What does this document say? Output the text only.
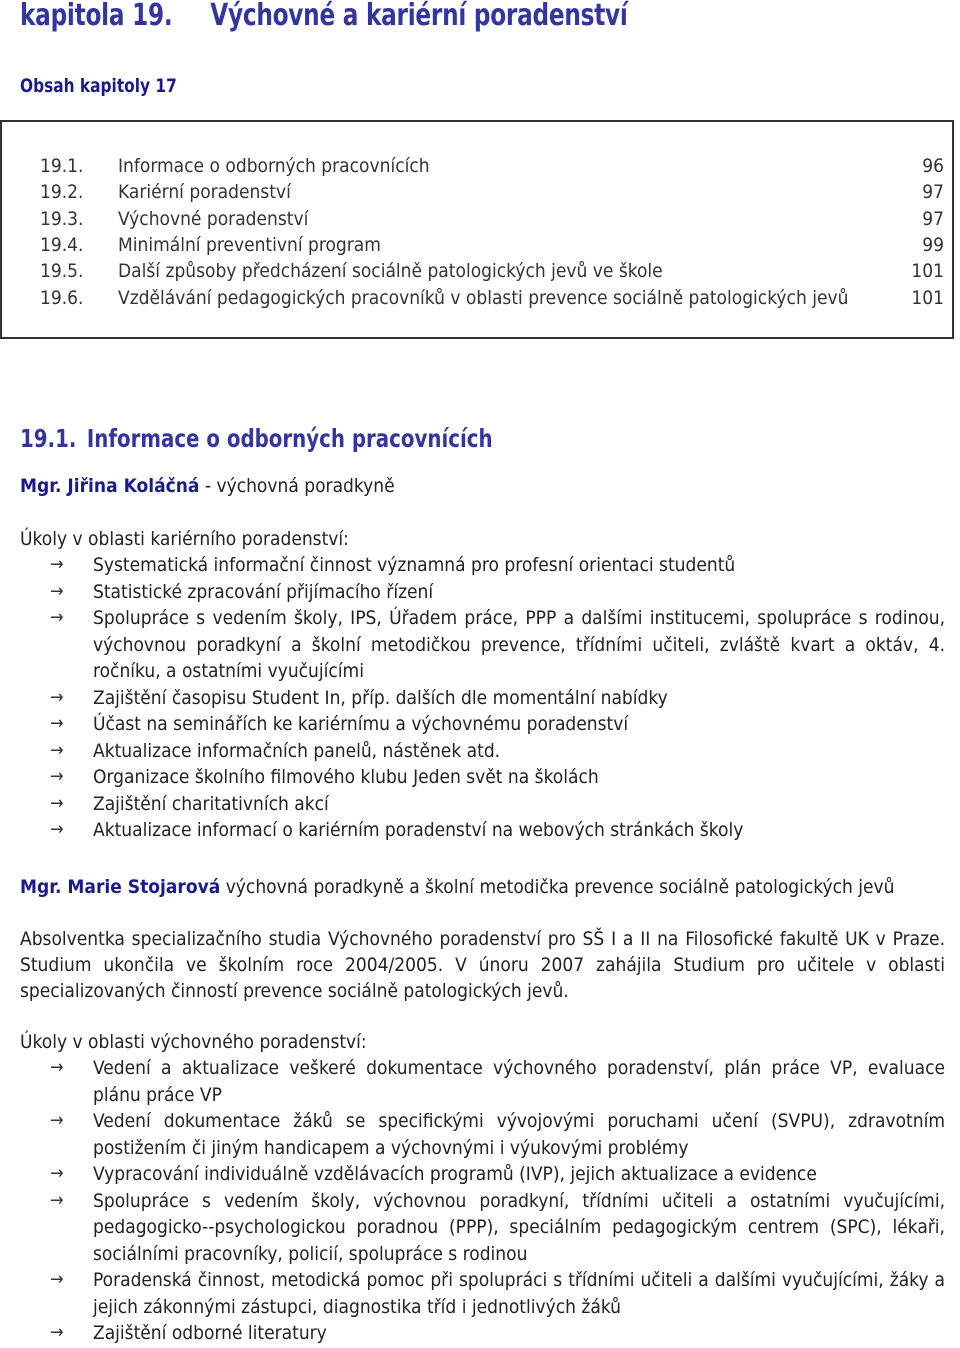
kapitola 19. Výchovné a kariérní poradenství
Obsah kapitoly 17
19.1. Informace o odborných pracovnících	96
19.2. Kariérní poradenství	97
19.3. Výchovné poradenství	97
19.4. Minimální preventivní program	99
19.5. Další způsoby předcházení sociálně patologických jevů ve škole	101
19.6. Vzdělávání pedagogických pracovníků v oblasti prevence sociálně patologických jevů	101
19.1. Informace o odborných pracovnících

Mgr. Jiřina Koláčná - výchovná poradkyně

Úkoly v oblasti kariérního poradenství:

→ Systematická informační činnost významná pro profesní orientaci studentů
→ Statistické zpracování přijímacího řízení
→ Spolupráce s vedením školy, IPS, Úřadem práce, PPP a dalšími institucemi, spolupráce s rodinou, výchovnou poradkyní a školní metodičkou prevence, třídními učiteli, zvláště kvart a oktáv, 4. ročníku, a ostatními vyučujícími
→ Zajištění časopisu Student In, příp. dalších dle momentální nabídky
→ Účast na seminářích ke kariérnímu a výchovnému poradenství
→ Aktualizace informačních panelů, nástěnek atd.
→ Organizace školního filmového klubu Jeden svět na školách
→ Zajištění charitativních akcí
→ Aktualizace informací o kariérním poradenství na webových stránkách školy

Mgr. Marie Stojarová výchovná poradkyně a školní metodička prevence sociálně patologických jevů

Absolventka specializačního studia Výchovného poradenství pro SŠ I a II na Filosofické fakultě UK v Praze. Studium ukončila ve školním roce 2004/2005. V únoru 2007 zahájila Studium pro učitele v oblasti specializovaných činností prevence sociálně patologických jevů.

Úkoly v oblasti výchovného poradenství:

→ Vedení a aktualizace veškeré dokumentace výchovného poradenství, plán práce VP, evaluace plánu práce VP
→ Vedení dokumentace žáků se specifickými vývojovými poruchami učení (SVPU), zdravotním postižením či jiným handicapem a výchovnými i výukovými problémy
→ Vypracování individuálně vzdělávacích programů (IVP), jejich aktualizace a evidence
→ Spolupráce s vedením školy, výchovnou poradkyní, třídními učiteli a ostatními vyučujícími, pedagogicko--psychologickou poradnou (PPP), speciálním pedagogickým centrem (SPC), lékaři, sociálními pracovníky, policií, spolupráce s rodinou
→ Poradenská činnost, metodická pomoc při spolupráci s třídními učiteli a dalšími vyučujícími, žáky a jejich zákonnými zástupci, diagnostika tříd i jednotlivých žáků
→ Zajištění odborné literatury
